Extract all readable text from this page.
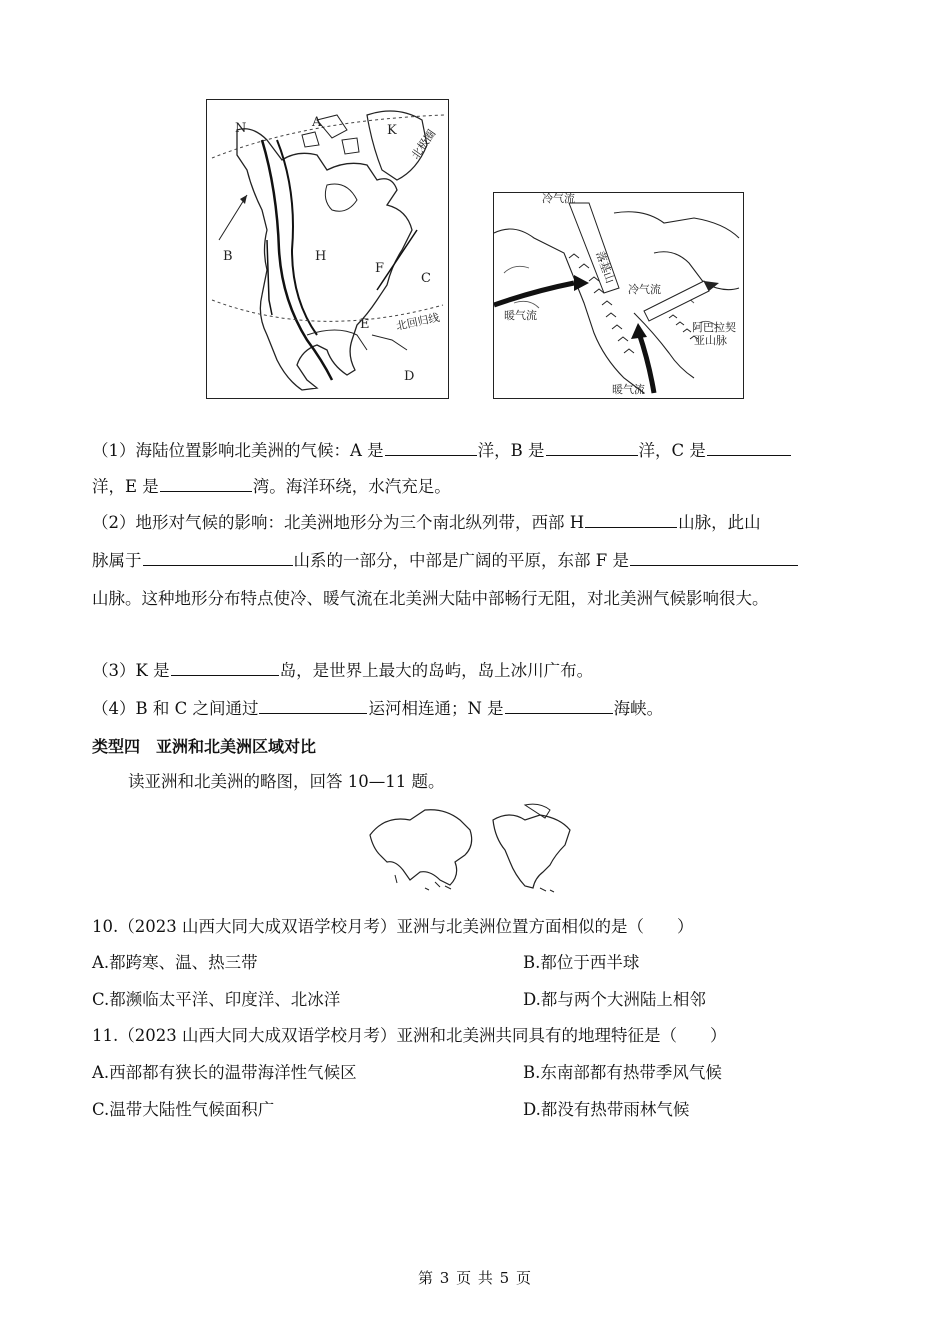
A
K
N
B	H
F
C
E
D
北极圈
北回归线
冷气流
冷气流
暖气流
暖气流
落基山
阿巴拉契
亚山脉
（1）海陆位置影响北美洲的气候：A 是	洋，B 是	洋，C 是
洋，E 是	湾。海洋环绕，水汽充足。
（2）地形对气候的影响：北美洲地形分为三个南北纵列带，西部 H	山脉，此山
脉属于	山系的一部分，中部是广阔的平原，东部 F 是
山脉。这种地形分布特点使冷、暖气流在北美洲大陆中部畅行无阻，对北美洲气候影响很大。
（3）K 是	岛，是世界上最大的岛屿，岛上冰川广布。
（4）B 和 C 之间通过	运河相连通；N 是	海峡。
类型四　亚洲和北美洲区域对比
读亚洲和北美洲的略图，回答 10—11 题。
10.（2023 山西大同大成双语学校月考）亚洲与北美洲位置方面相似的是（　　）
A.都跨寒、温、热三带	B.都位于西半球
C.都濒临太平洋、印度洋、北冰洋	D.都与两个大洲陆上相邻
11.（2023 山西大同大成双语学校月考）亚洲和北美洲共同具有的地理特征是（　　）
A.西部都有狭长的温带海洋性气候区	B.东南部都有热带季风气候
C.温带大陆性气候面积广	D.都没有热带雨林气候
第 3 页 共 5 页
